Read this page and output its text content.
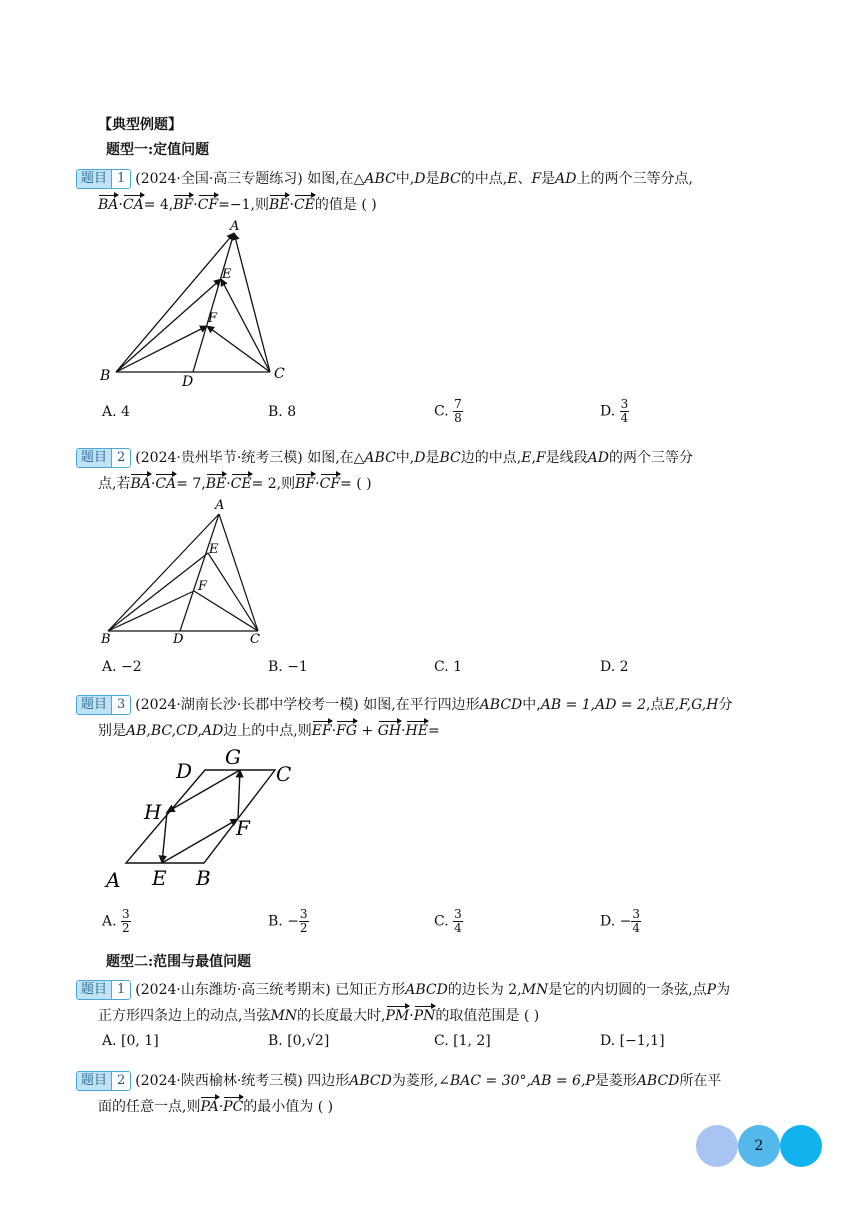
【典型例题】
题型一:定值问题
题目 1 (2024·全国·高三专题练习) 如图,在△ABC中,D是BC的中点,E、F是AD上的两个三等分点,
BA·CA= 4,BF·CF=−1,则BE·CE的值是 ( )
A
E
F
B	D	C
A. 4	B. 8	C. $\frac{7}{8}$	D. $\frac{3}{4}$
题目 2 (2024·贵州毕节·统考三模) 如图,在△ABC中,D是BC边的中点,E,F是线段AD的两个三等分
点,若BA·CA= 7,BE·CE= 2,则BF·CF= ( )
A
E
F
B	D	C
A. −2	B. −1	C. 1	D. 2
题目 3 (2024·湖南长沙·长郡中学校考一模) 如图,在平行四边形ABCD中,AB = 1,AD = 2,点E,F,G,H分
别是AB,BC,CD,AD边上的中点,则EF·FG + GH·HE=
D
G
C
H
F
A E B
A. $\frac{3}{2}$	B. − $\frac{3}{2}$	C. $\frac{3}{4}$	D. − $\frac{3}{4}$
题型二:范围与最值问题
题目 1 (2024·山东潍坊·高三统考期末) 已知正方形ABCD的边长为 2,MN是它的内切圆的一条弦,点P为
正方形四条边上的动点,当弦MN的长度最大时,PM·PN的取值范围是 ( )
A. [0, 1]	B. [0,√2]	C. [1, 2]	D. [−1,1]
题目 2 (2024·陕西榆林·统考三模) 四边形ABCD为菱形,∠BAC = 30°,AB = 6,P是菱形ABCD所在平
面的任意一点,则PA·PC的最小值为 ( )
2
